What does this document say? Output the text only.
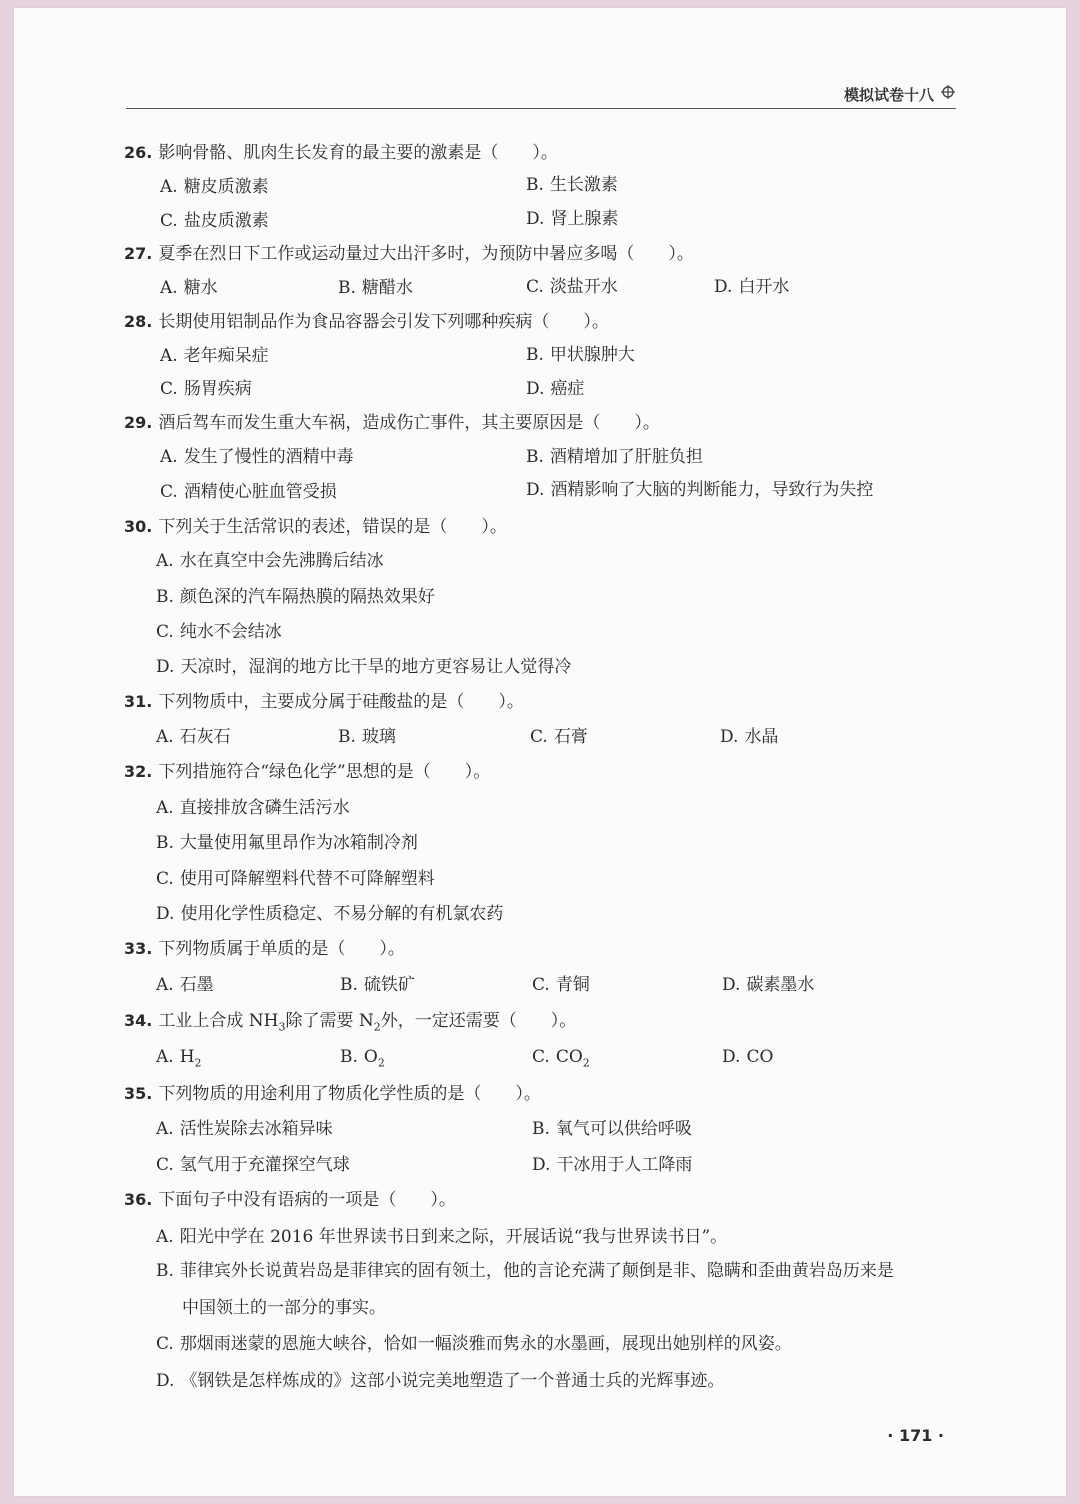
模拟试卷十八
26. 影响骨骼、肌肉生长发育的最主要的激素是（　　）。
A. 糖皮质激素	B. 生长激素
C. 盐皮质激素	D. 肾上腺素
27. 夏季在烈日下工作或运动量过大出汗多时，为预防中暑应多喝（　　）。
A. 糖水	B. 糖醋水	C. 淡盐开水	D. 白开水
28. 长期使用铝制品作为食品容器会引发下列哪种疾病（　　）。
A. 老年痴呆症	B. 甲状腺肿大
C. 肠胃疾病	D. 癌症
29. 酒后驾车而发生重大车祸，造成伤亡事件，其主要原因是（　　）。
A. 发生了慢性的酒精中毒	B. 酒精增加了肝脏负担
C. 酒精使心脏血管受损	D. 酒精影响了大脑的判断能力，导致行为失控
30. 下列关于生活常识的表述，错误的是（　　）。
A. 水在真空中会先沸腾后结冰
B. 颜色深的汽车隔热膜的隔热效果好
C. 纯水不会结冰
D. 天凉时，湿润的地方比干旱的地方更容易让人觉得冷
31. 下列物质中，主要成分属于硅酸盐的是（　　）。
A. 石灰石	B. 玻璃	C. 石膏	D. 水晶
32. 下列措施符合“绿色化学”思想的是（　　）。
A. 直接排放含磷生活污水
B. 大量使用氟里昂作为冰箱制冷剂
C. 使用可降解塑料代替不可降解塑料
D. 使用化学性质稳定、不易分解的有机氯农药
33. 下列物质属于单质的是（　　）。
A. 石墨	B. 硫铁矿	C. 青铜	D. 碳素墨水
34. 工业上合成 $NH_3$除了需要 $N_2$外，一定还需要（　　）。
A. $H_2$	B. $O_2$	C. $CO_2$	D. CO
35. 下列物质的用途利用了物质化学性质的是（　　）。
A. 活性炭除去冰箱异味	B. 氧气可以供给呼吸
C. 氢气用于充灌探空气球	D. 干冰用于人工降雨
36. 下面句子中没有语病的一项是（　　）。
A. 阳光中学在 2016 年世界读书日到来之际，开展话说“我与世界读书日”。
B. 菲律宾外长说黄岩岛是菲律宾的固有领土，他的言论充满了颠倒是非、隐瞒和歪曲黄岩岛历来是
中国领土的一部分的事实。
C. 那烟雨迷蒙的恩施大峡谷，恰如一幅淡雅而隽永的水墨画，展现出她别样的风姿。
D. 《钢铁是怎样炼成的》这部小说完美地塑造了一个普通士兵的光辉事迹。
· 171 ·
